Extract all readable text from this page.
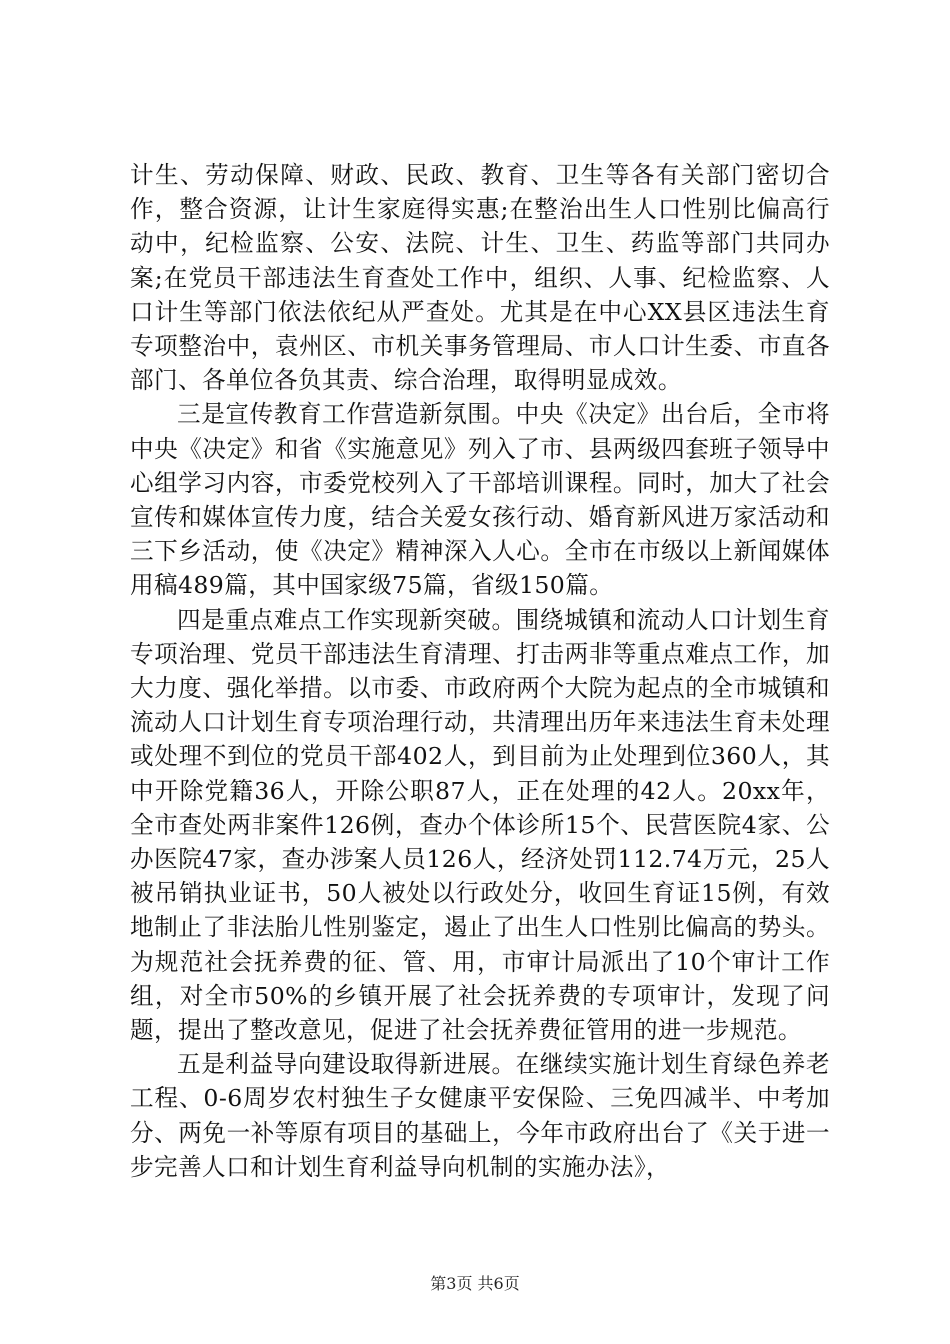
计生、劳动保障、财政、民政、教育、卫生等各有关部门密切合作，整合资源，让计生家庭得实惠;在整治出生人口性别比偏高行动中，纪检监察、公安、法院、计生、卫生、药监等部门共同办案;在党员干部违法生育查处工作中，组织、人事、纪检监察、人口计生等部门依法依纪从严查处。尤其是在中心XX县区违法生育专项整治中，袁州区、市机关事务管理局、市人口计生委、市直各部门、各单位各负其责、综合治理，取得明显成效。

三是宣传教育工作营造新氛围。中央《决定》出台后，全市将中央《决定》和省《实施意见》列入了市、县两级四套班子领导中心组学习内容，市委党校列入了干部培训课程。同时，加大了社会宣传和媒体宣传力度，结合关爱女孩行动、婚育新风进万家活动和三下乡活动，使《决定》精神深入人心。全市在市级以上新闻媒体用稿489篇，其中国家级75篇，省级150篇。

四是重点难点工作实现新突破。围绕城镇和流动人口计划生育专项治理、党员干部违法生育清理、打击两非等重点难点工作，加大力度、强化举措。以市委、市政府两个大院为起点的全市城镇和流动人口计划生育专项治理行动，共清理出历年来违法生育未处理或处理不到位的党员干部402人，到目前为止处理到位360人，其中开除党籍36人，开除公职87人，正在处理的42人。20xx年，全市查处两非案件126例，查办个体诊所15个、民营医院4家、公办医院47家，查办涉案人员126人，经济处罚112.74万元，25人被吊销执业证书，50人被处以行政处分，收回生育证15例，有效地制止了非法胎儿性别鉴定，遏止了出生人口性别比偏高的势头。为规范社会抚养费的征、管、用，市审计局派出了10个审计工作组，对全市50%的乡镇开展了社会抚养费的专项审计，发现了问题，提出了整改意见，促进了社会抚养费征管用的进一步规范。

五是利益导向建设取得新进展。在继续实施计划生育绿色养老工程、0-6周岁农村独生子女健康平安保险、三免四减半、中考加分、两免一补等原有项目的基础上，今年市政府出台了《关于进一步完善人口和计划生育利益导向机制的实施办法》，

第3页 共6页
